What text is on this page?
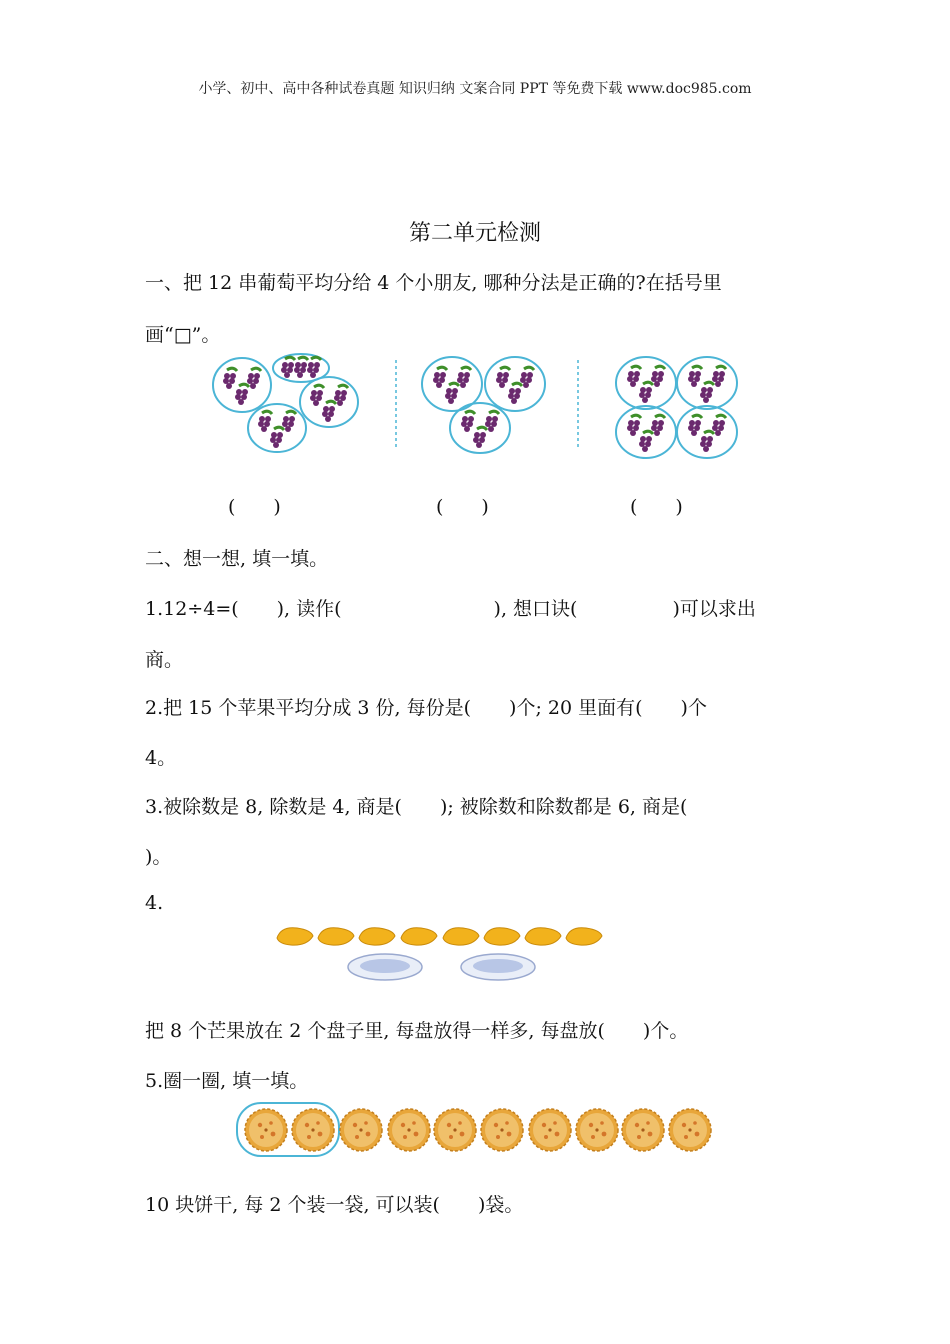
小学、初中、高中各种试卷真题 知识归纳 文案合同 PPT 等免费下载 www.doc985.com
第二单元检测
一、把 12 串葡萄平均分给 4 个小朋友, 哪种分法是正确的?在括号里
画“□”。
(　　)	(　　)	(　　)
二、想一想, 填一填。
1.12÷4=(　　), 读作(　　　　　　　　), 想口诀(　　　　　)可以求出
商。
2.把 15 个苹果平均分成 3 份, 每份是(　　)个; 20 里面有(　　)个
4。
3.被除数是 8, 除数是 4, 商是(　　); 被除数和除数都是 6, 商是(
)。
4.
把 8 个芒果放在 2 个盘子里, 每盘放得一样多, 每盘放(　　)个。
5.圈一圈, 填一填。
10 块饼干, 每 2 个装一袋, 可以装(　　)袋。
